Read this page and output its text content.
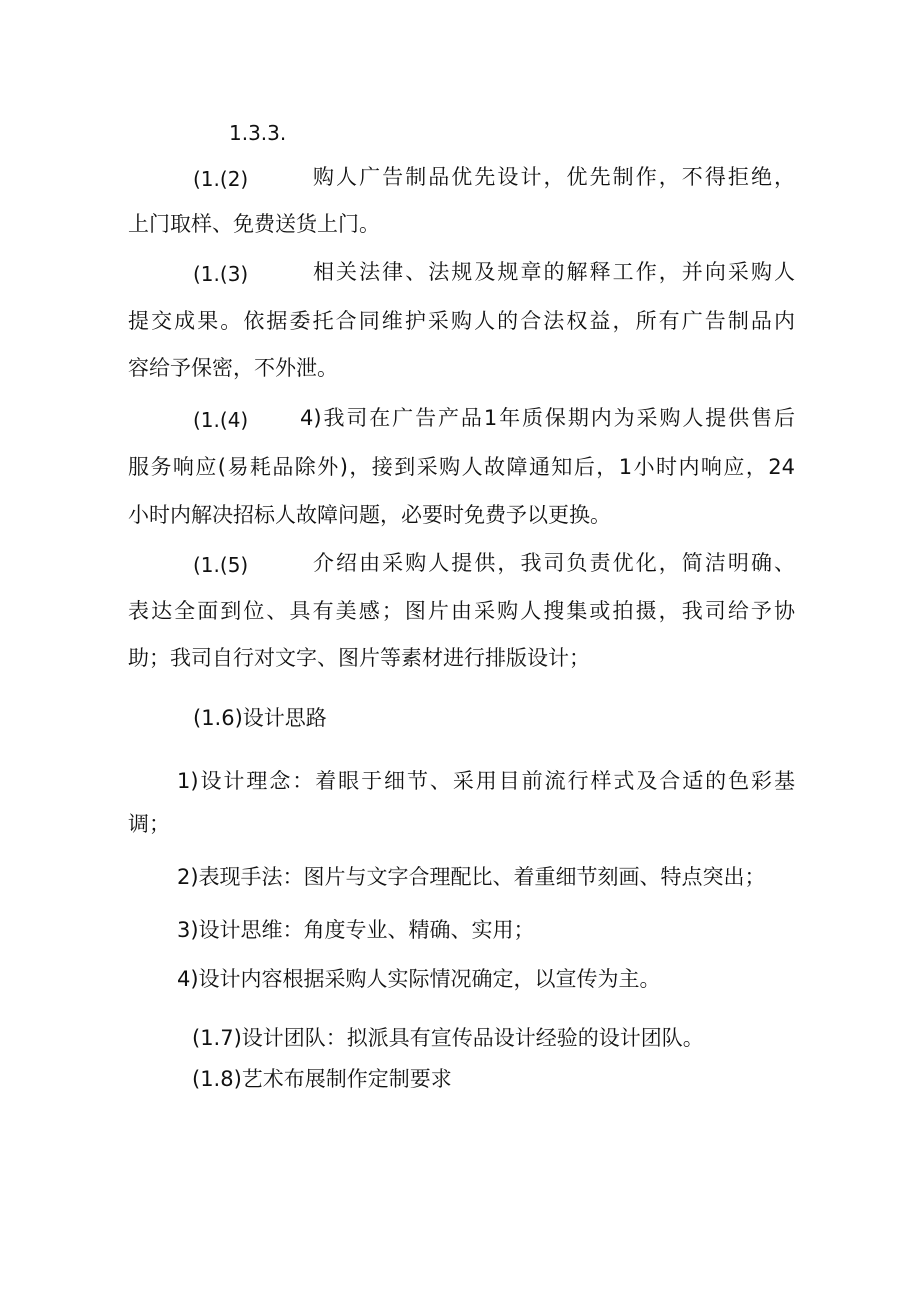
1.3.3.
(1.(2)	购人广告制品优先设计，优先制作，不得拒绝，
上门取样、免费送货上门。
(1.(3)	相关法律、法规及规章的解释工作，并向采购人
提交成果。依据委托合同维护采购人的合法权益，所有广告制品内
容给予保密，不外泄。
(1.(4) 4)我司在广告产品1年质保期内为采购人提供售后
服务响应(易耗品除外)，接到采购人故障通知后，1小时内响应，24
小时内解决招标人故障问题，必要时免费予以更换。
(1.(5)	介绍由采购人提供，我司负责优化，简洁明确、
表达全面到位、具有美感；图片由采购人搜集或拍摄，我司给予协
助；我司自行对文字、图片等素材进行排版设计；
(1.6)设计思路
1)设计理念：着眼于细节、采用目前流行样式及合适的色彩基
调；
2)表现手法：图片与文字合理配比、着重细节刻画、特点突出；
3)设计思维：角度专业、精确、实用；
4)设计内容根据采购人实际情况确定，以宣传为主。
(1.7)设计团队：拟派具有宣传品设计经验的设计团队。
(1.8)艺术布展制作定制要求
